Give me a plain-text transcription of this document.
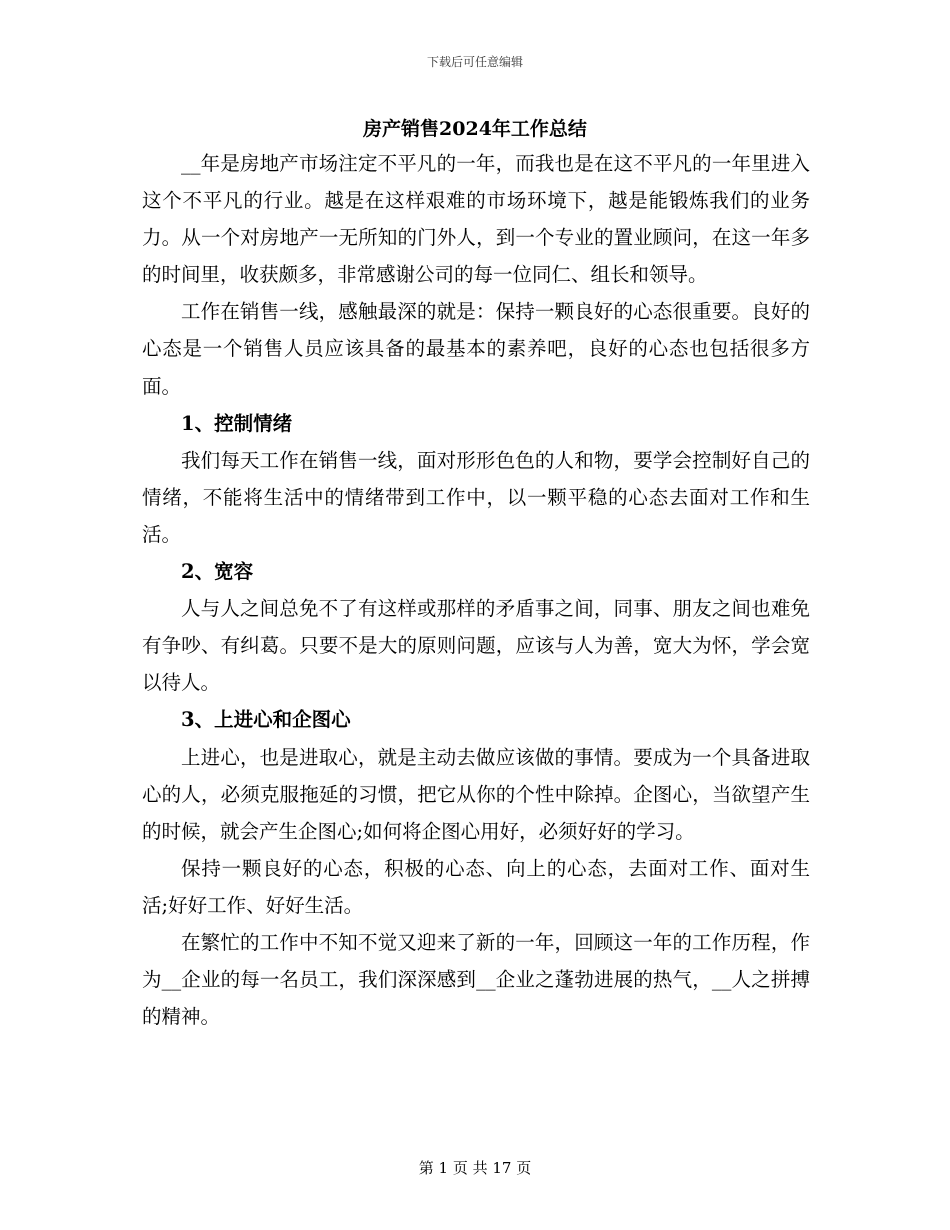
下载后可任意编辑
房产销售2024年工作总结

__年是房地产市场注定不平凡的一年，而我也是在这不平凡的一年里进入这个不平凡的行业。越是在这样艰难的市场环境下，越是能锻炼我们的业务力。从一个对房地产一无所知的门外人，到一个专业的置业顾问，在这一年多的时间里，收获颇多，非常感谢公司的每一位同仁、组长和领导。

工作在销售一线，感触最深的就是：保持一颗良好的心态很重要。良好的心态是一个销售人员应该具备的最基本的素养吧，良好的心态也包括很多方面。

1、控制情绪

我们每天工作在销售一线，面对形形色色的人和物，要学会控制好自己的情绪，不能将生活中的情绪带到工作中，以一颗平稳的心态去面对工作和生活。

2、宽容

人与人之间总免不了有这样或那样的矛盾事之间，同事、朋友之间也难免有争吵、有纠葛。只要不是大的原则问题，应该与人为善，宽大为怀，学会宽以待人。

3、上进心和企图心

上进心，也是进取心，就是主动去做应该做的事情。要成为一个具备进取心的人，必须克服拖延的习惯，把它从你的个性中除掉。企图心，当欲望产生的时候，就会产生企图心;如何将企图心用好，必须好好的学习。

保持一颗良好的心态，积极的心态、向上的心态，去面对工作、面对生活;好好工作、好好生活。

在繁忙的工作中不知不觉又迎来了新的一年，回顾这一年的工作历程，作为__企业的每一名员工，我们深深感到__企业之蓬勃进展的热气，__人之拼搏的精神。

第 1 页 共 17 页
